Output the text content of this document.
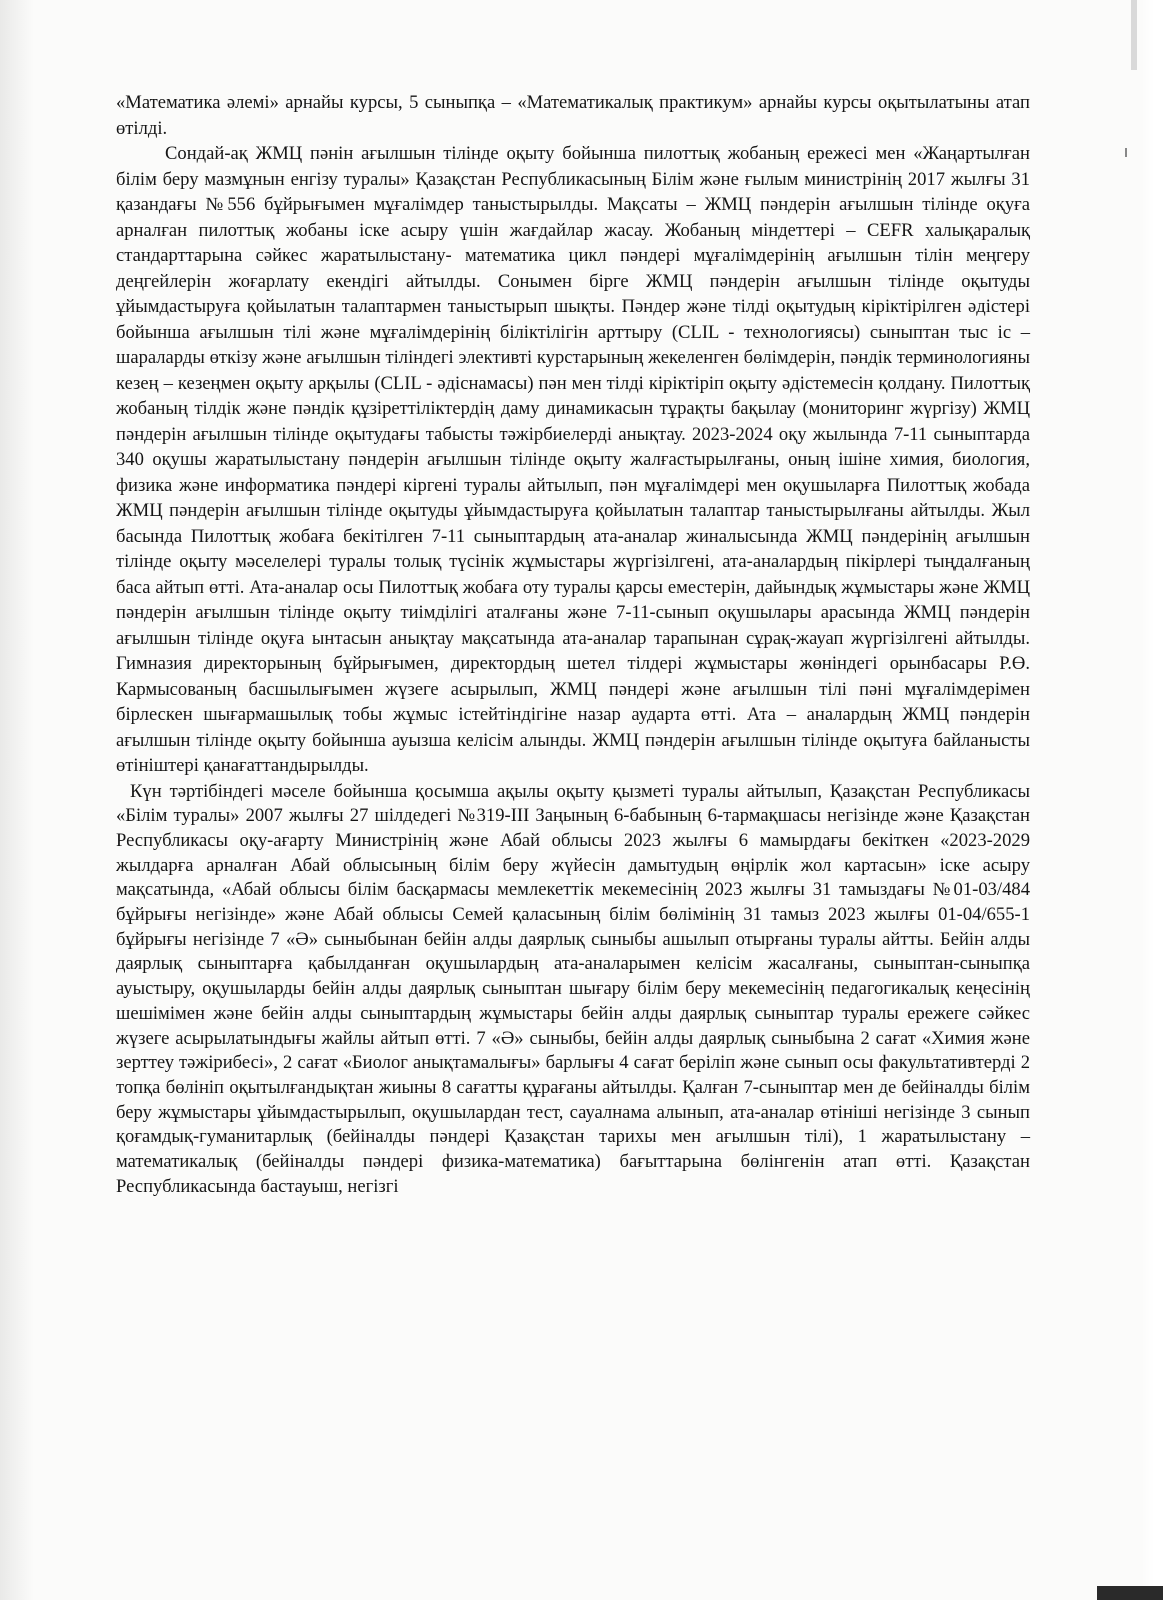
«Математика әлемі» арнайы курсы, 5 сыныпқа – «Математикалық практикум» арнайы курсы оқытылатыны атап өтілді.

Сондай-ақ ЖМЦ пәнін ағылшын тілінде оқыту бойынша пилоттық жобаның ережесі мен «Жаңартылған білім беру мазмұнын енгізу туралы» Қазақстан Республикасының Білім және ғылым министрінің 2017 жылғы 31 қазандағы №556 бұйрығымен мұғалімдер таныстырылды. Мақсаты – ЖМЦ пәндерін ағылшын тілінде оқуға арналған пилоттық жобаны іске асыру үшін жағдайлар жасау. Жобаның міндеттері – CEFR халықаралық стандарттарына сәйкес жаратылыстану- математика цикл пәндері мұғалімдерінің ағылшын тілін меңгеру деңгейлерін жоғарлату екендігі айтылды. Сонымен бірге ЖМЦ пәндерін ағылшын тілінде оқытуды ұйымдастыруға қойылатын талаптармен таныстырып шықты. Пәндер және тілді оқытудың кіріктірілген әдістері бойынша ағылшын тілі және мұғалімдерінің біліктілігін арттыру (CLIL - технологиясы) сыныптан тыс іс – шараларды өткізу және ағылшын тіліндегі элективті курстарының жекеленген бөлімдерін, пәндік терминологияны кезең – кезеңмен оқыту арқылы (CLIL - әдіснамасы) пән мен тілді кіріктіріп оқыту әдістемесін қолдану. Пилоттық жобаның тілдік және пәндік құзіреттіліктердің даму динамикасын тұрақты бақылау (мониторинг жүргізу) ЖМЦ пәндерін ағылшын тілінде оқытудағы табысты тәжірбиелерді анықтау. 2023-2024 оқу жылында 7-11 сыныптарда 340 оқушы жаратылыстану пәндерін ағылшын тілінде оқыту жалғастырылғаны, оның ішіне химия, биология, физика және информатика пәндері кіргені туралы айтылып, пән мұғалімдері мен оқушыларға Пилоттық жобада ЖМЦ пәндерін ағылшын тілінде оқытуды ұйымдастыруға қойылатын талаптар таныстырылғаны айтылды. Жыл басында Пилоттық жобаға бекітілген 7-11 сыныптардың ата-аналар жиналысында ЖМЦ пәндерінің ағылшын тілінде оқыту мәселелері туралы толық түсінік жұмыстары жүргізілгені, ата-аналардың пікірлері тыңдалғаның баса айтып өтті. Ата-аналар осы Пилоттық жобаға оту туралы қарсы еместерін, дайындық жұмыстары және ЖМЦ пәндерін ағылшын тілінде оқыту тиімділігі аталғаны және 7-11-сынып оқушылары арасында ЖМЦ пәндерін ағылшын тілінде оқуға ынтасын анықтау мақсатында ата-аналар тарапынан сұрақ-жауап жүргізілгені айтылды. Гимназия директорының бұйрығымен, директордың шетел тілдері жұмыстары жөніндегі орынбасары Р.Ө. Кармысованың басшылығымен жүзеге асырылып, ЖМЦ пәндері және ағылшын тілі пәні мұғалімдерімен бірлескен шығармашылық тобы жұмыс істейтіндігіне назар аударта өтті. Ата – аналардың ЖМЦ пәндерін ағылшын тілінде оқыту бойынша ауызша келісім алынды. ЖМЦ пәндерін ағылшын тілінде оқытуға байланысты өтініштері қанағаттандырылды.

Күн тәртібіндегі мәселе бойынша қосымша ақылы оқыту қызметі туралы айтылып, Қазақстан Республикасы «Білім туралы» 2007 жылғы 27 шілдедегі №319-ІІІ Заңының 6-бабының 6-тармақшасы негізінде және Қазақстан Республикасы оқу-ағарту Министрінің және Абай облысы 2023 жылғы 6 мамырдағы бекіткен «2023-2029 жылдарға арналған Абай облысының білім беру жүйесін дамытудың өңірлік жол картасын» іске асыру мақсатында, «Абай облысы білім басқармасы мемлекеттік мекемесінің 2023 жылғы 31 тамыздағы №01-03/484 бұйрығы негізінде» және Абай облысы Семей қаласының білім бөлімінің 31 тамыз 2023 жылғы 01-04/655-1 бұйрығы негізінде 7 «Ә» сыныбынан бейін алды даярлық сыныбы ашылып отырғаны туралы айтты. Бейін алды даярлық сыныптарға қабылданған оқушылардың ата-аналарымен келісім жасалғаны, сыныптан-сыныпқа ауыстыру, оқушыларды бейін алды даярлық сыныптан шығару білім беру мекемесінің педагогикалық кеңесінің шешімімен және бейін алды сыныптардың жұмыстары бейін алды даярлық сыныптар туралы ережеге сәйкес жүзеге асырылатындығы жайлы айтып өтті. 7 «Ә» сыныбы, бейін алды даярлық сыныбына 2 сағат «Химия және зерттеу тәжірибесі», 2 сағат «Биолог анықтамалығы» барлығы 4 сағат беріліп және сынып осы факультативтерді 2 топқа бөлініп оқытылғандықтан жиыны 8 сағатты құрағаны айтылды. Қалған 7-сыныптар мен де бейіналды білім беру жұмыстары ұйымдастырылып, оқушылардан тест, сауалнама алынып, ата-аналар өтініші негізінде 3 сынып қоғамдық-гуманитарлық (бейіналды пәндері Қазақстан тарихы мен ағылшын тілі), 1 жаратылыстану – математикалық (бейіналды пәндері физика-математика) бағыттарына бөлінгенін атап өтті. Қазақстан Республикасында бастауыш, негізгі
